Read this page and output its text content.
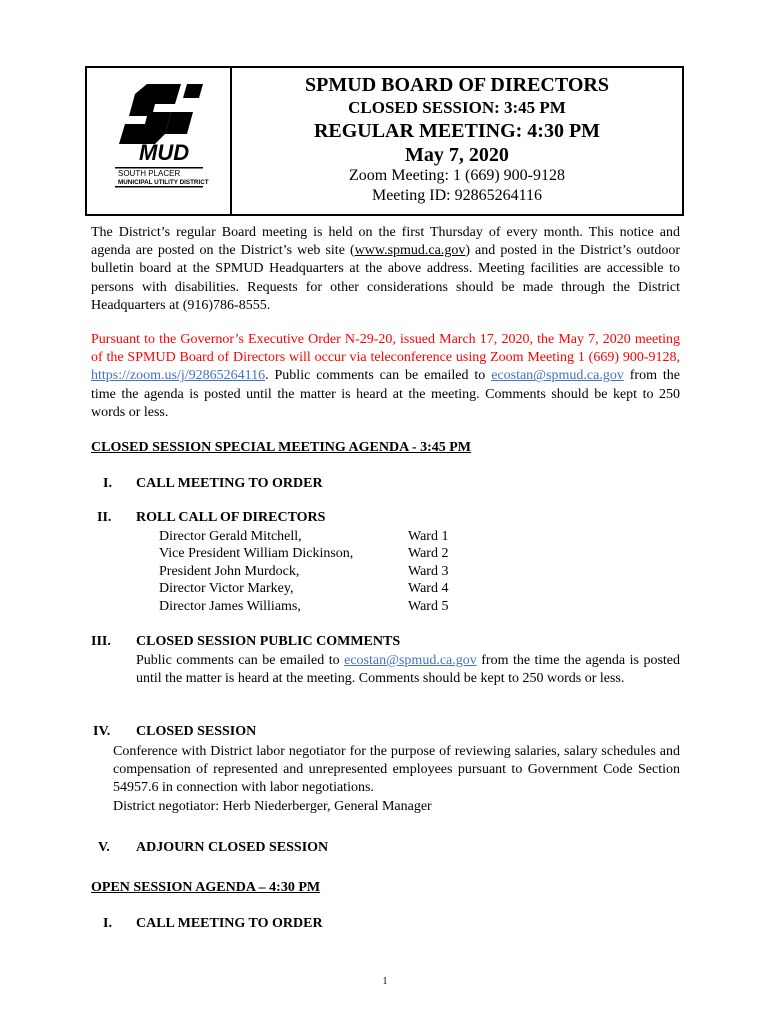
MUD
SOUTH PLACER
MUNICIPAL UTILITY DISTRICT
SPMUD BOARD OF DIRECTORS
CLOSED SESSION: 3:45 PM
REGULAR MEETING: 4:30 PM
May 7, 2020
Zoom Meeting: 1 (669) 900-9128
Meeting ID: 92865264116

The District’s regular Board meeting is held on the first Thursday of every month. This notice and agenda are posted on the District’s web site (www.spmud.ca.gov) and posted in the District’s outdoor bulletin board at the SPMUD Headquarters at the above address. Meeting facilities are accessible to persons with disabilities. Requests for other considerations should be made through the District Headquarters at (916)786-8555.

Pursuant to the Governor’s Executive Order N-29-20, issued March 17, 2020, the May 7, 2020 meeting of the SPMUD Board of Directors will occur via teleconference using Zoom Meeting 1 (669) 900-9128, https://zoom.us/j/92865264116. Public comments can be emailed to ecostan@spmud.ca.gov from the time the agenda is posted until the matter is heard at the meeting. Comments should be kept to 250 words or less.

CLOSED SESSION SPECIAL MEETING AGENDA - 3:45 PM
I. CALL MEETING TO ORDER
II. ROLL CALL OF DIRECTORS
Director Gerald Mitchell,	Ward 1
Vice President William Dickinson,	Ward 2
President John Murdock,	Ward 3
Director Victor Markey,	Ward 4
Director James Williams,	Ward 5
III. CLOSED SESSION PUBLIC COMMENTS

Public comments can be emailed to ecostan@spmud.ca.gov from the time the agenda is posted until the matter is heard at the meeting. Comments should be kept to 250 words or less.

IV. CLOSED SESSION

Conference with District labor negotiator for the purpose of reviewing salaries, salary schedules and compensation of represented and unrepresented employees pursuant to Government Code Section 54957.6 in connection with labor negotiations.

District negotiator: Herb Niederberger, General Manager
V. ADJOURN CLOSED SESSION
OPEN SESSION AGENDA – 4:30 PM
I. CALL MEETING TO ORDER
1
